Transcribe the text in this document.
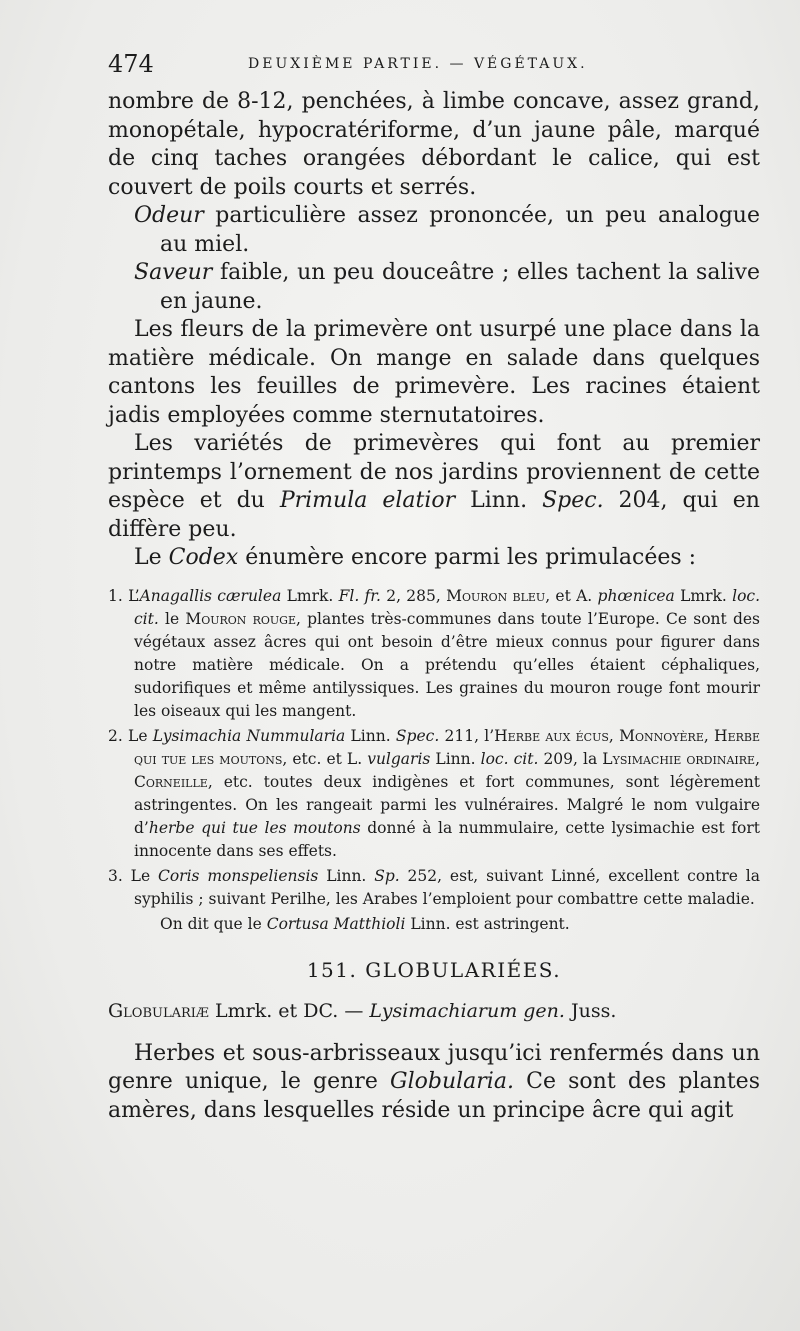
474	DEUXIÈME PARTIE. — VÉGÉTAUX.

nombre de 8-12, penchées, à limbe concave, assez grand, monopétale, hypocratériforme, d’un jaune pâle, marqué de cinq taches orangées débordant le calice, qui est couvert de poils courts et serrés.

Odeur particulière assez prononcée, un peu analogue au miel.

Saveur faible, un peu douceâtre ; elles tachent la salive en jaune.

Les fleurs de la primevère ont usurpé une place dans la matière médicale. On mange en salade dans quelques cantons les feuilles de primevère. Les racines étaient jadis employées comme sternutatoires.

Les variétés de primevères qui font au premier printemps l’ornement de nos jardins proviennent de cette espèce et du Primula elatior Linn. Spec. 204, qui en diffère peu.

Le Codex énumère encore parmi les primulacées :

1. L’Anagallis cærulea Lmrk. Fl. fr. 2, 285, Mouron bleu, et A. phœnicea Lmrk. loc. cit. le Mouron rouge, plantes très-communes dans toute l’Europe. Ce sont des végétaux assez âcres qui ont besoin d’être mieux connus pour figurer dans notre matière médicale. On a prétendu qu’elles étaient céphaliques, sudorifiques et même antilyssiques. Les graines du mouron rouge font mourir les oiseaux qui les mangent.

2. Le Lysimachia Nummularia Linn. Spec. 211, l’Herbe aux écus, Monnoyère, Herbe qui tue les moutons, etc. et L. vulgaris Linn. loc. cit. 209, la Lysimachie ordinaire, Corneille, etc. toutes deux indigènes et fort communes, sont légèrement astringentes. On les rangeait parmi les vulnéraires. Malgré le nom vulgaire d’herbe qui tue les moutons donné à la nummulaire, cette lysimachie est fort innocente dans ses effets.

3. Le Coris monspeliensis Linn. Sp. 252, est, suivant Linné, excellent contre la syphilis ; suivant Perilhe, les Arabes l’emploient pour combattre cette maladie.

On dit que le Cortusa Matthioli Linn. est astringent.

151. GLOBULARIÉES.

Globulariæ Lmrk. et DC. — Lysimachiarum gen. Juss.

Herbes et sous-arbrisseaux jusqu’ici renfermés dans un genre unique, le genre Globularia. Ce sont des plantes amères, dans lesquelles réside un principe âcre qui agit
